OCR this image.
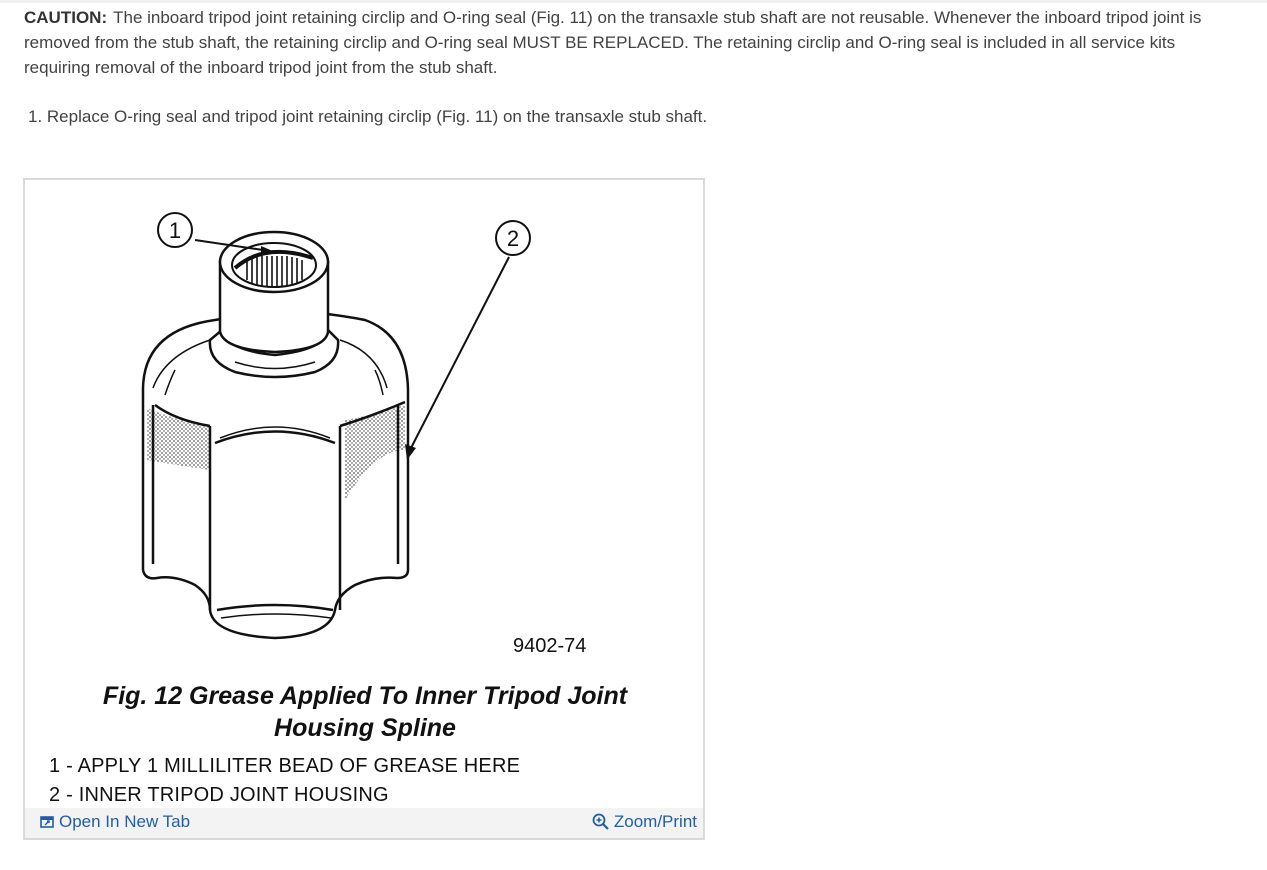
CAUTION: The inboard tripod joint retaining circlip and O-ring seal (Fig. 11) on the transaxle stub shaft are not reusable. Whenever the inboard tripod joint is removed from the stub shaft, the retaining circlip and O-ring seal MUST BE REPLACED. The retaining circlip and O-ring seal is included in all service kits requiring removal of the inboard tripod joint from the stub shaft.
1. Replace O-ring seal and tripod joint retaining circlip (Fig. 11) on the transaxle stub shaft.
1	2
9402-74
Fig. 12 Grease Applied To Inner Tripod Joint Housing Spline
1 - APPLY 1 MILLILITER BEAD OF GREASE HERE
2 - INNER TRIPOD JOINT HOUSING
Open In New Tab	Zoom/Print
